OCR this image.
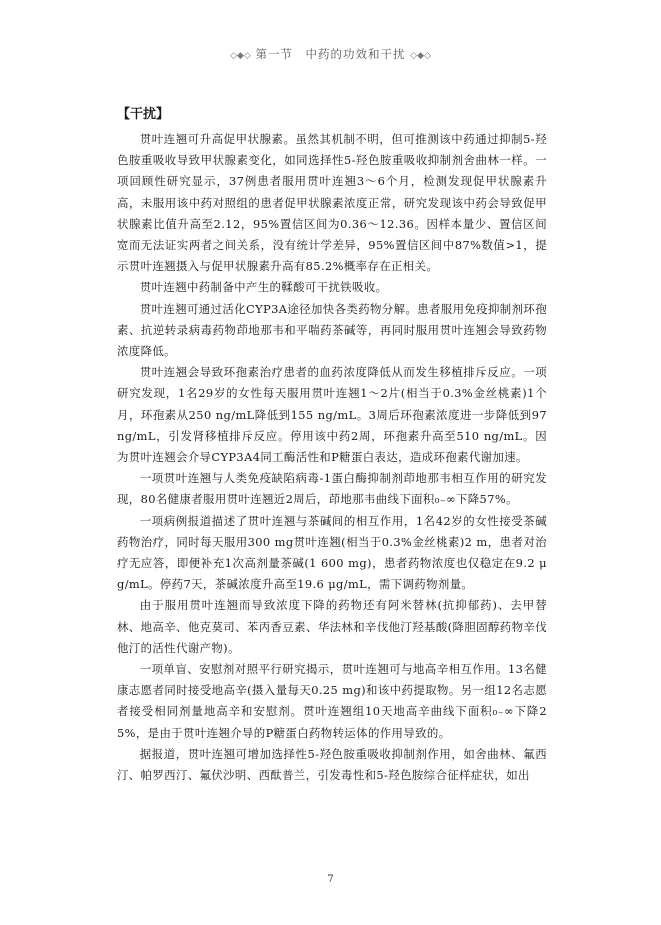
◇◆◇ 第一节　中药的功效和干扰 ◇◆◇
【干扰】

贯叶连翘可升高促甲状腺素。虽然其机制不明，但可推测该中药通过抑制5-羟色胺重吸收导致甲状腺素变化，如同选择性5-羟色胺重吸收抑制剂舍曲林一样。一项回顾性研究显示，37例患者服用贯叶连翘3～6个月，检测发现促甲状腺素升高，未服用该中药对照组的患者促甲状腺素浓度正常，研究发现该中药会导致促甲状腺素比值升高至2.12，95%置信区间为0.36～12.36。因样本量少、置信区间宽而无法证实两者之间关系，没有统计学差异，95%置信区间中87%数值>1，提示贯叶连翘摄入与促甲状腺素升高有85.2%概率存在正相关。

贯叶连翘中药制备中产生的鞣酸可干扰铁吸收。

贯叶连翘可通过活化CYP3A途径加快各类药物分解。患者服用免疫抑制剂环孢素、抗逆转录病毒药物茚地那韦和平喘药茶碱等，再同时服用贯叶连翘会导致药物浓度降低。

贯叶连翘会导致环孢素治疗患者的血药浓度降低从而发生移植排斥反应。一项研究发现，1名29岁的女性每天服用贯叶连翘1～2片(相当于0.3%金丝桃素)1个月，环孢素从250 ng/mL降低到155 ng/mL。3周后环孢素浓度进一步降低到97 ng/mL，引发肾移植排斥反应。停用该中药2周，环孢素升高至510 ng/mL。因为贯叶连翘会介导CYP3A4同工酶活性和P糖蛋白表达，造成环孢素代谢加速。

一项贯叶连翘与人类免疫缺陷病毒-1蛋白酶抑制剂茚地那韦相互作用的研究发现，80名健康者服用贯叶连翘近2周后，茚地那韦曲线下面积₀₋∞下降57%。

一项病例报道描述了贯叶连翘与茶碱间的相互作用，1名42岁的女性接受茶碱药物治疗，同时每天服用300 mg贯叶连翘(相当于0.3%金丝桃素)2 m，患者对治疗无应答，即便补充1次高剂量茶碱(1 600 mg)，患者药物浓度也仅稳定在9.2 μg/mL。停药7天，茶碱浓度升高至19.6 μg/mL，需下调药物剂量。

由于服用贯叶连翘而导致浓度下降的药物还有阿米替林(抗抑郁药)、去甲替林、地高辛、他克莫司、苯丙香豆素、华法林和辛伐他汀羟基酸(降胆固醇药物辛伐他汀的活性代谢产物)。

一项单盲、安慰剂对照平行研究揭示，贯叶连翘可与地高辛相互作用。13名健康志愿者同时接受地高辛(摄入量每天0.25 mg)和该中药提取物。另一组12名志愿者接受相同剂量地高辛和安慰剂。贯叶连翘组10天地高辛曲线下面积₀₋∞下降25%，是由于贯叶连翘介导的P糖蛋白药物转运体的作用导致的。

据报道，贯叶连翘可增加选择性5-羟色胺重吸收抑制剂作用，如舍曲林、氟西汀、帕罗西汀、氟伏沙明、西酞普兰，引发毒性和5-羟色胺综合征样症状，如出

7
